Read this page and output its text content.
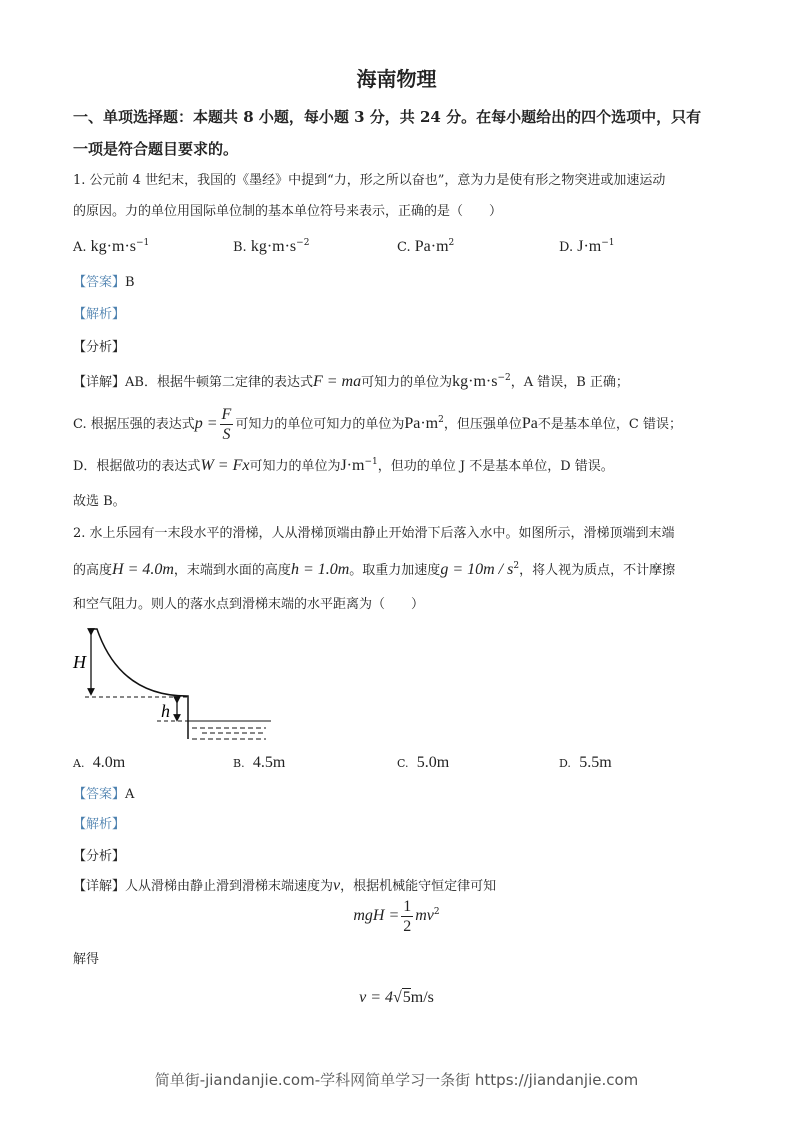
海南物理
一、单项选择题：本题共 8 小题，每小题 3 分，共 24 分。在每小题给出的四个选项中，只有
一项是符合题目要求的。
1. 公元前 4 世纪末，我国的《墨经》中提到“力，形之所以奋也”，意为力是使有形之物突进或加速运动
的原因。力的单位用国际单位制的基本单位符号来表示，正确的是（　　）
A. $kg\cdot m\cdot s^{-1}$	B. $kg\cdot m\cdot s^{-2}$	C. $Pa\cdot m^2$	D. $J\cdot m^{-1}$
【答案】B
【解析】
【分析】
【详解】AB．根据牛顿第二定律的表达式F = ma可知力的单位为$kg\cdot m\cdot s^{-2}$，A 错误，B 正确；
C. 根据压强的表达式$p = \frac{F}{S}$ 可知力的单位可知力的单位为$Pa\cdot m^2$，但压强单位Pa不是基本单位，C 错误；
D．根据做功的表达式W = Fx可知力的单位为$J\cdot m^{-1}$，但功的单位 J 不是基本单位，D 错误。
故选 B。
2. 水上乐园有一末段水平的滑梯，人从滑梯顶端由静止开始滑下后落入水中。如图所示，滑梯顶端到末端
的高度H = 4.0m，末端到水面的高度h = 1.0m。取重力加速度$g = 10m / s^2$，将人视为质点，不计摩擦
和空气阻力。则人的落水点到滑梯末端的水平距离为（　　）
H
h
A. 4.0m	B. 4.5m	C. 5.0m	D. 5.5m
【答案】A
【解析】
【分析】
【详解】人从滑梯由静止滑到滑梯末端速度为v，根据机械能守恒定律可知
mgH = $\frac{1}{2} mv^2$
解得
v = 4√5m/s
简单街-jiandanjie.com-学科网简单学习一条街 https://jiandanjie.com
